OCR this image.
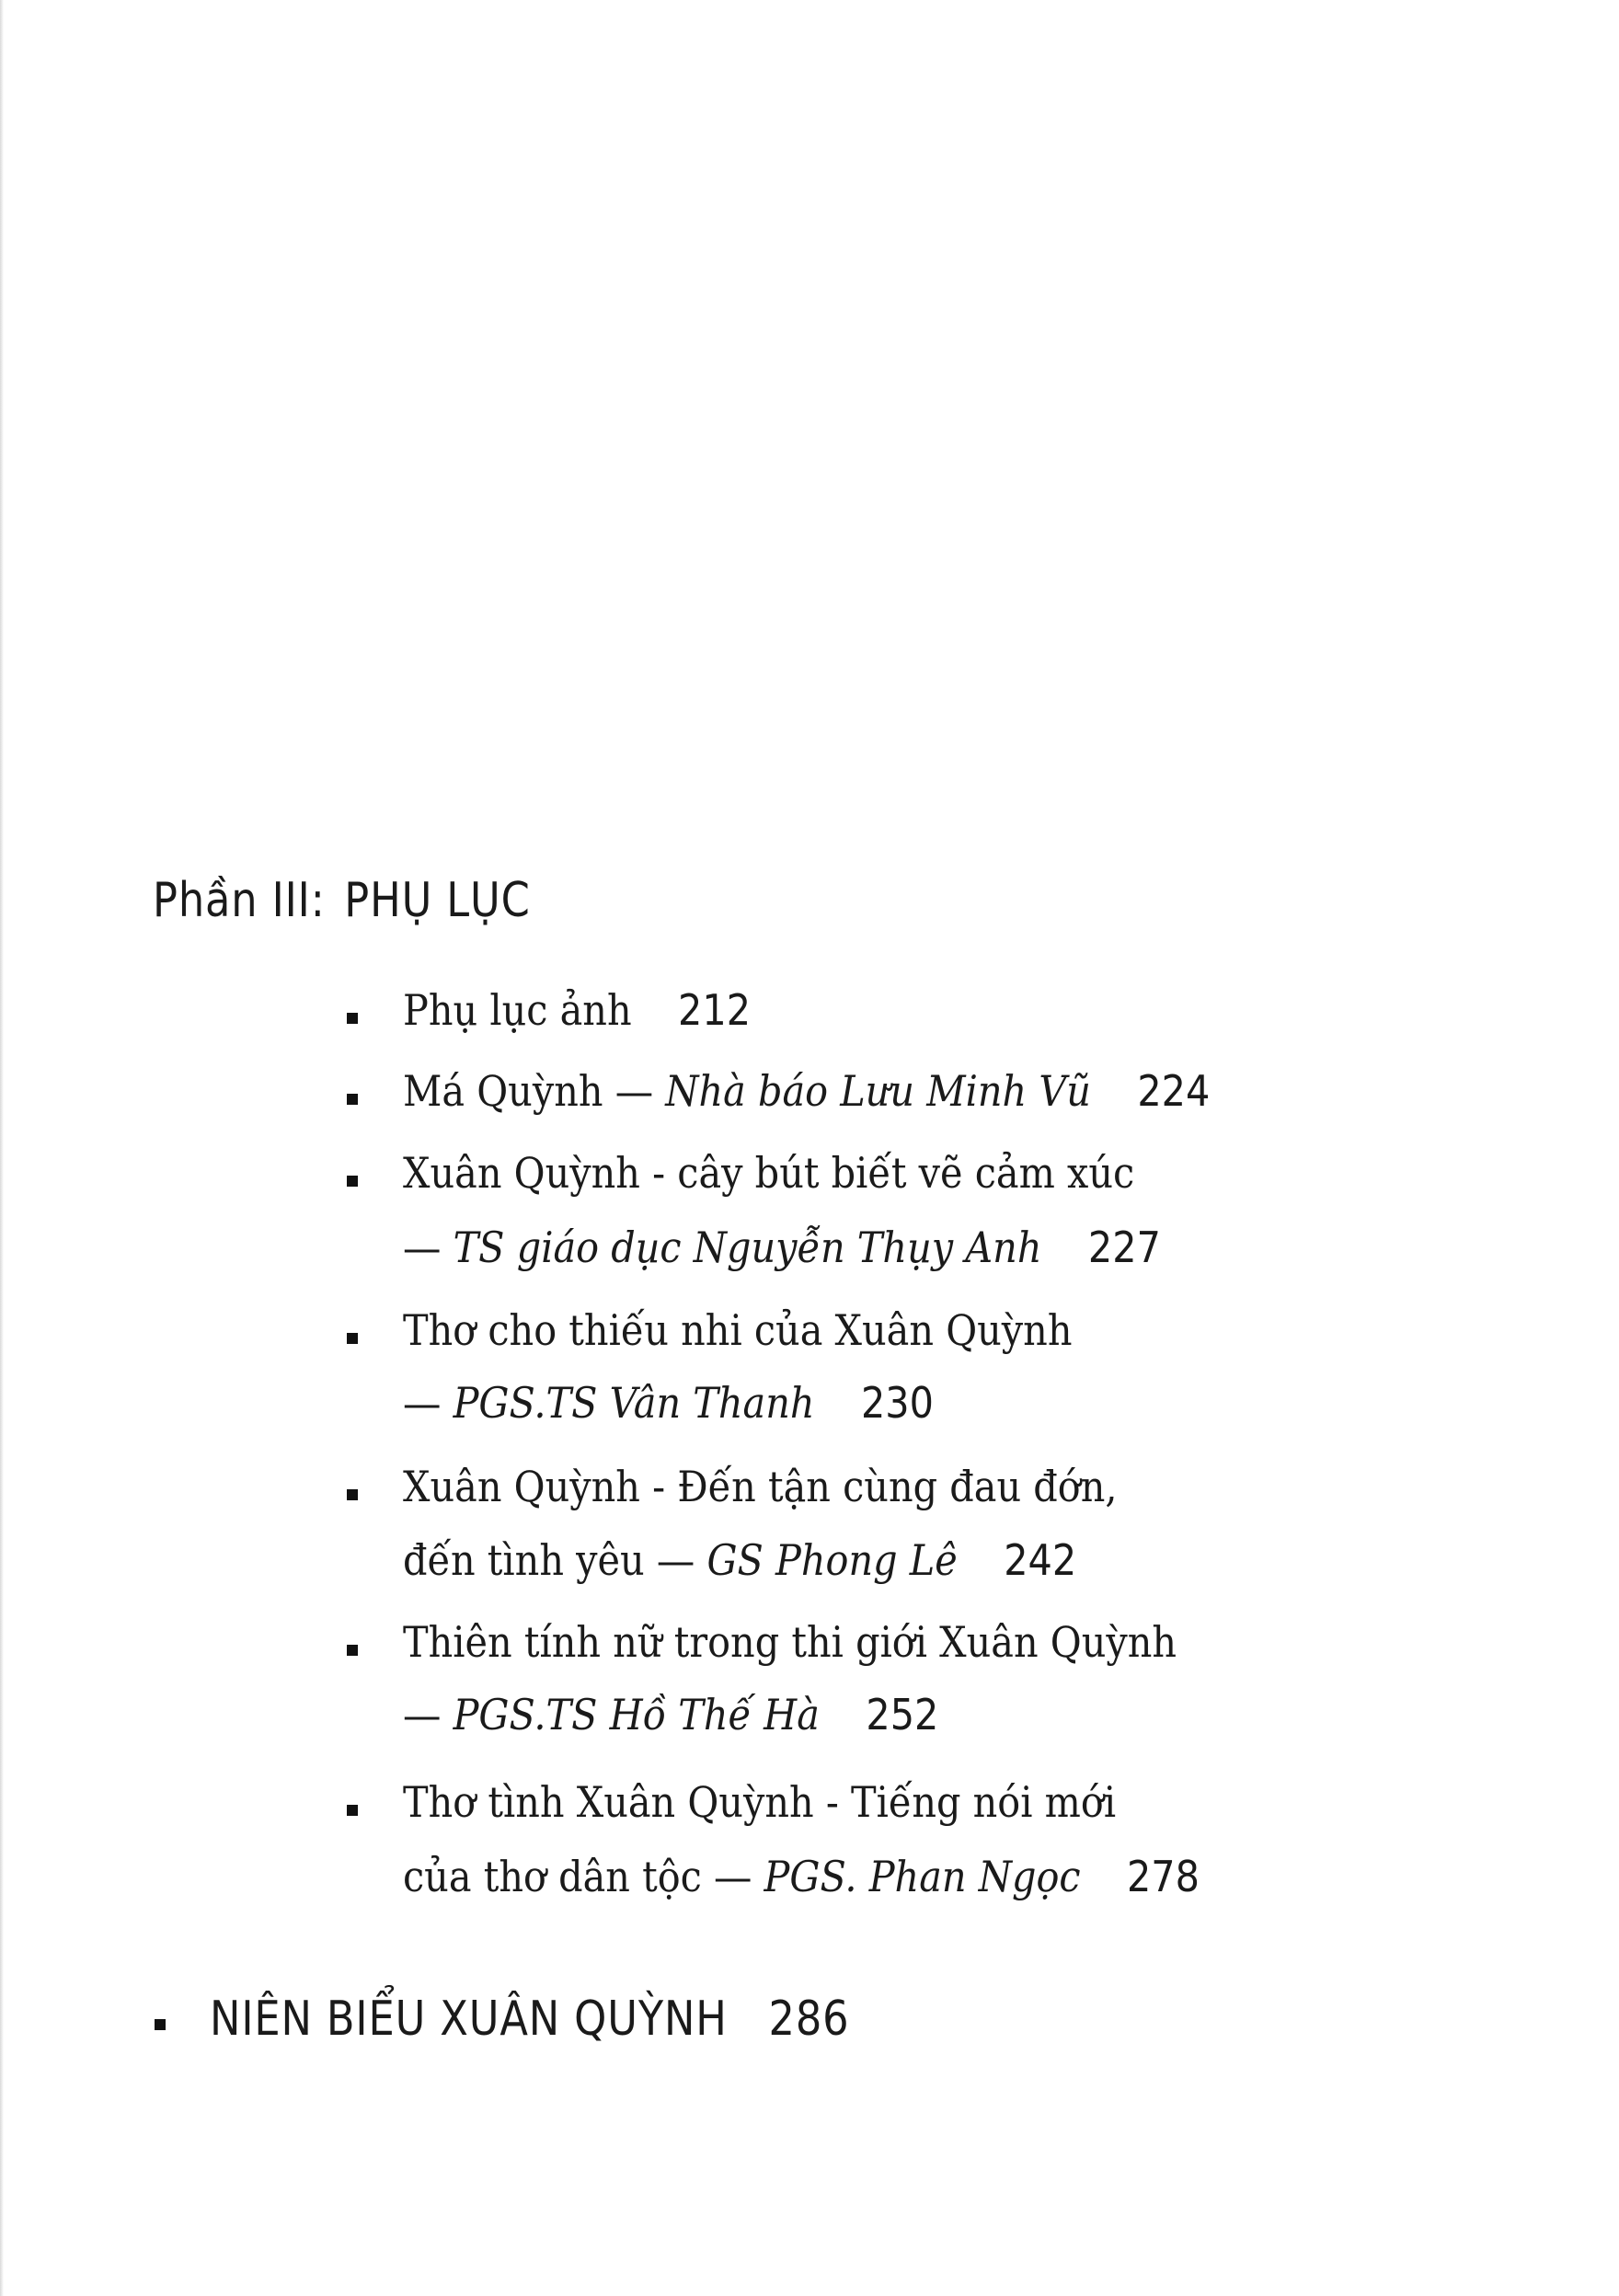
Phần III: PHỤ LỤC
Phụ lục ảnh 212
Má Quỳnh — Nhà báo Lưu Minh Vũ 224
Xuân Quỳnh - cây bút biết vẽ cảm xúc
— TS giáo dục Nguyễn Thụy Anh 227
Thơ cho thiếu nhi của Xuân Quỳnh
— PGS.TS Vân Thanh 230
Xuân Quỳnh - Đến tận cùng đau đớn,
đến tình yêu — GS Phong Lê 242
Thiên tính nữ trong thi giới Xuân Quỳnh
— PGS.TS Hồ Thế Hà 252
Thơ tình Xuân Quỳnh - Tiếng nói mới
của thơ dân tộc — PGS. Phan Ngọc 278
NIÊN BIỂU XUÂN QUỲNH 286
